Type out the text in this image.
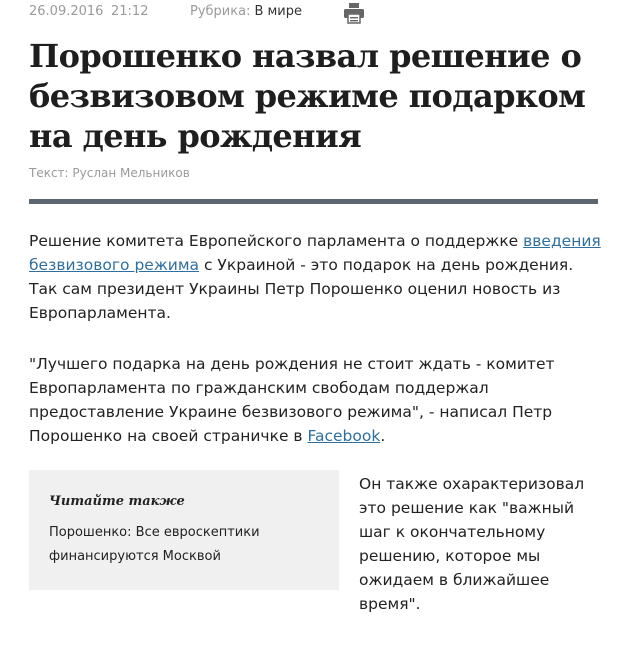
26.09.2016 21:12	Рубрика: В мире
Порошенко назвал решение о безвизовом режиме подарком на день рождения
Текст: Руслан Мельников

Решение комитета Европейского парламента о поддержке введения безвизового режима с Украиной - это подарок на день рождения. Так сам президент Украины Петр Порошенко оценил новость из Европарламента.

"Лучшего подарка на день рождения не стоит ждать - комитет Европарламента по гражданским свободам поддержал предоставление Украине безвизового режима", - написал Петр Порошенко на своей страничке в Facebook.

Читайте также
Порошенко: Все евроскептики финансируются Москвой

Он также охарактеризовал это решение как "важный шаг к окончательному решению, которое мы ожидаем в ближайшее время".
